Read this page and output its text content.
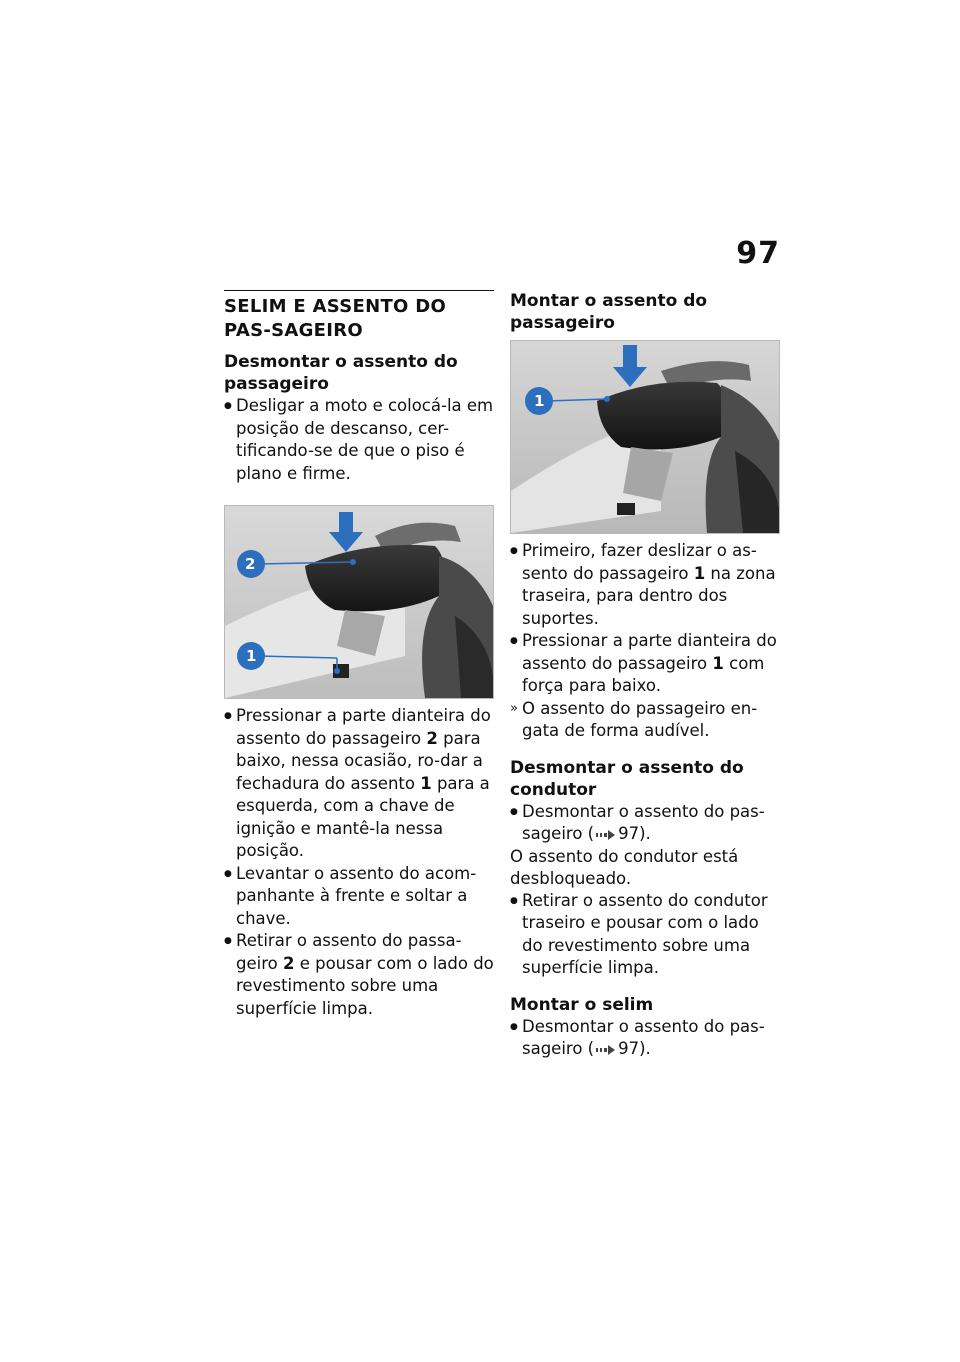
97
SELIM E ASSENTO DO PAS-SAGEIRO
Desmontar o assento do passageiro

● Desligar a moto e colocá-la em posição de descanso, cer-tificando-se de que o piso é plano e firme.

2
1

● Pressionar a parte dianteira do assento do passageiro 2 para baixo, nessa ocasião, ro-dar a fechadura do assento 1 para a esquerda, com a chave de ignição e mantê-la nessa posição.

● Levantar o assento do acom-panhante à frente e soltar a chave.

● Retirar o assento do passa-geiro 2 e pousar com o lado do revestimento sobre uma superfície limpa.

Montar o assento do passageiro
1

● Primeiro, fazer deslizar o as-sento do passageiro 1 na zona traseira, para dentro dos suportes.

● Pressionar a parte dianteira do assento do passageiro 1 com força para baixo.

» O assento do passageiro en-gata de forma audível.

Desmontar o assento do condutor

● Desmontar o assento do pas-sageiro ( 97).

O assento do condutor está desbloqueado.

● Retirar o assento do condutor traseiro e pousar com o lado do revestimento sobre uma superfície limpa.

Montar o selim

● Desmontar o assento do pas-sageiro ( 97).
